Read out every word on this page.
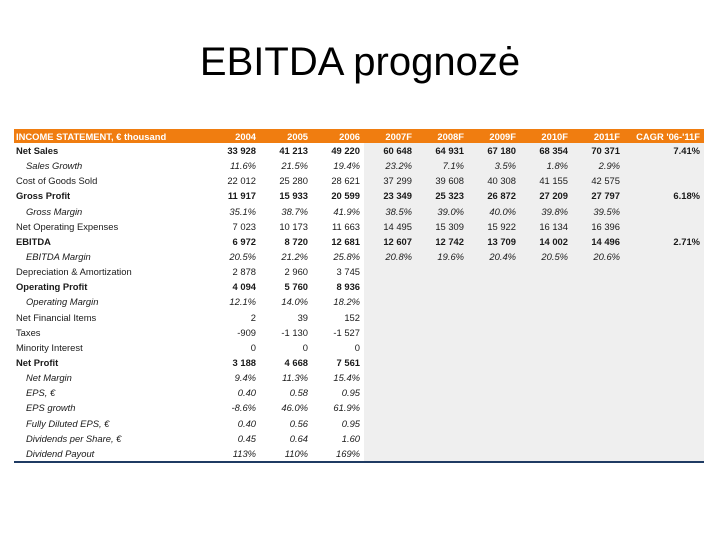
EBITDA prognozė
INCOME STATEMENT, € thousand	2004	2005	2006	2007F	2008F	2009F	2010F	2011F	CAGR '06-'11F
Net Sales	33 928	41 213	49 220	60 648	64 931	67 180	68 354	70 371	7.41%
Sales Growth	11.6%	21.5%	19.4%	23.2%	7.1%	3.5%	1.8%	2.9%	
Cost of Goods Sold	22 012	25 280	28 621	37 299	39 608	40 308	41 155	42 575	
Gross Profit	11 917	15 933	20 599	23 349	25 323	26 872	27 209	27 797	6.18%
Gross Margin	35.1%	38.7%	41.9%	38.5%	39.0%	40.0%	39.8%	39.5%	
Net Operating Expenses	7 023	10 173	11 663	14 495	15 309	15 922	16 134	16 396	
EBITDA	6 972	8 720	12 681	12 607	12 742	13 709	14 002	14 496	2.71%
EBITDA Margin	20.5%	21.2%	25.8%	20.8%	19.6%	20.4%	20.5%	20.6%	
Depreciation & Amortization	2 878	2 960	3 745						
Operating Profit	4 094	5 760	8 936						
Operating Margin	12.1%	14.0%	18.2%						
Net Financial Items	2	39	152						
Taxes	-909	-1 130	-1 527						
Minority Interest	0	0	0						
Net Profit	3 188	4 668	7 561						
Net Margin	9.4%	11.3%	15.4%						
EPS, €	0.40	0.58	0.95						
EPS growth	-8.6%	46.0%	61.9%						
Fully Diluted EPS, €	0.40	0.56	0.95						
Dividends per Share, €	0.45	0.64	1.60						
Dividend Payout	113%	110%	169%						
